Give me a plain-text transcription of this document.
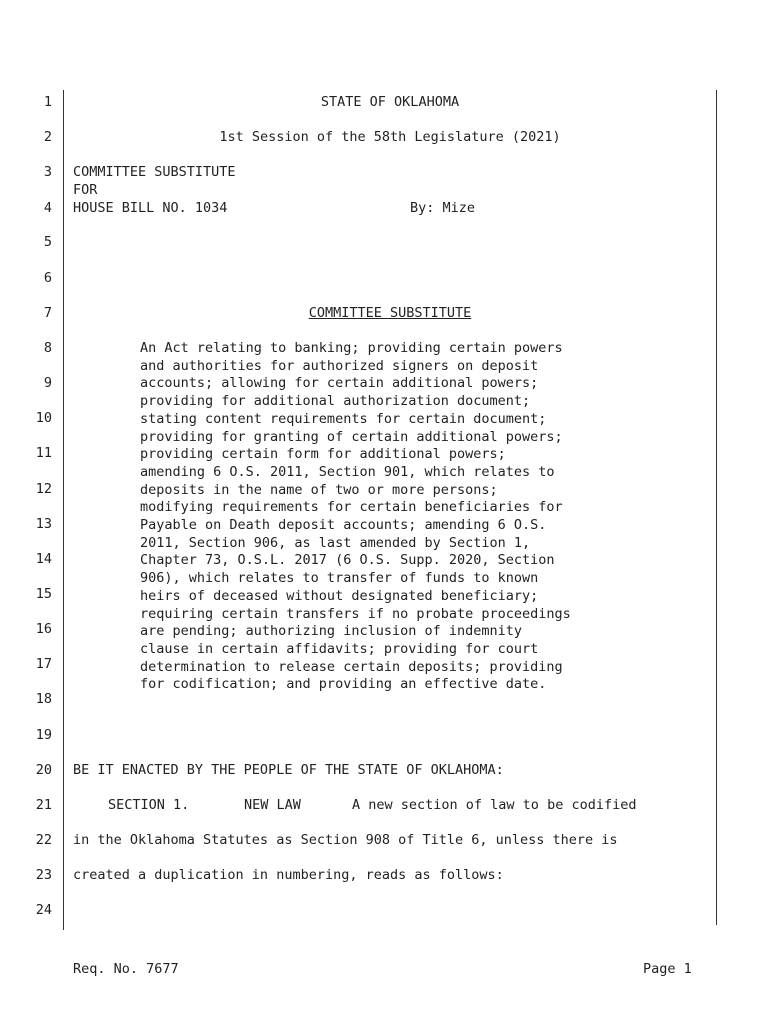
1
2
3
4
5
6
7
8
9
10
11
12
13
14
15
16
17
18
19
20
21
22
23
24
STATE OF OKLAHOMA
1st Session of the 58th Legislature (2021)
COMMITTEE SUBSTITUTE
FOR
HOUSE BILL NO. 1034	By: Mize
COMMITTEE SUBSTITUTE
An Act relating to banking; providing certain powers
and authorities for authorized signers on deposit
accounts; allowing for certain additional powers;
providing for additional authorization document;
stating content requirements for certain document;
providing for granting of certain additional powers;
providing certain form for additional powers;
amending 6 O.S. 2011, Section 901, which relates to
deposits in the name of two or more persons;
modifying requirements for certain beneficiaries for
Payable on Death deposit accounts; amending 6 O.S.
2011, Section 906, as last amended by Section 1,
Chapter 73, O.S.L. 2017 (6 O.S. Supp. 2020, Section
906), which relates to transfer of funds to known
heirs of deceased without designated beneficiary;
requiring certain transfers if no probate proceedings
are pending; authorizing inclusion of indemnity
clause in certain affidavits; providing for court
determination to release certain deposits; providing
for codification; and providing an effective date.
BE IT ENACTED BY THE PEOPLE OF THE STATE OF OKLAHOMA:
SECTION 1.	NEW LAW	A new section of law to be codified
in the Oklahoma Statutes as Section 908 of Title 6, unless there is
created a duplication in numbering, reads as follows:
Req. No. 7677	Page 1
